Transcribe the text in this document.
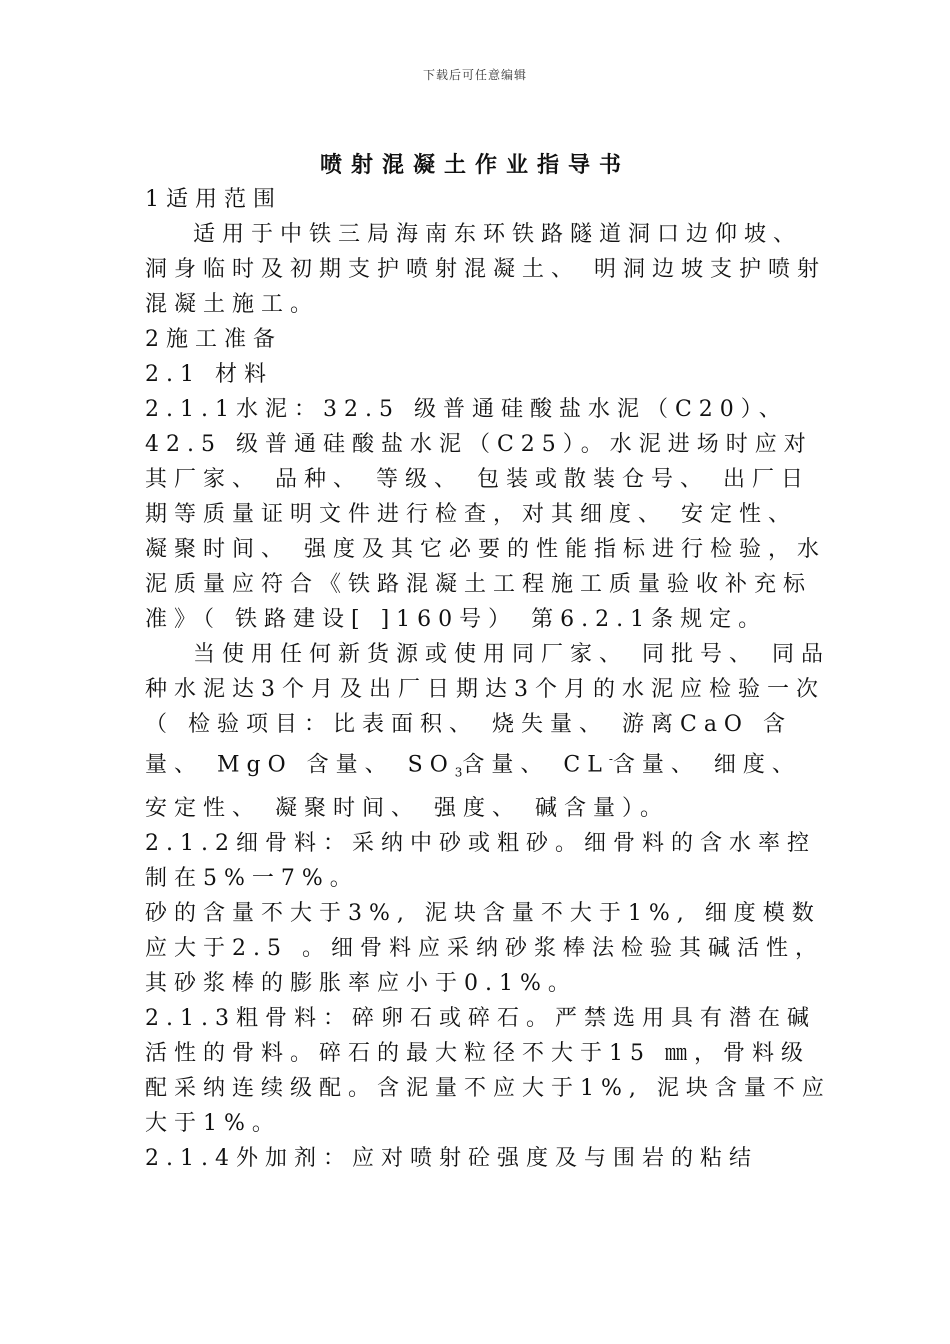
下载后可任意编辑
喷射混凝土作业指导书

1适用范围

适用于中铁三局海南东环铁路隧道洞口边仰坡、 洞身临时及初期支护喷射混凝土、 明洞边坡支护喷射混凝土施工。

2施工准备

2.1 材料

2.1.1水泥：32.5 级普通硅酸盐水泥（C20）、 42.5 级普通硅酸盐水泥（C25）。水泥进场时应对其厂家、 品种、 等级、 包装或散装仓号、 出厂日期等质量证明文件进行检查，对其细度、 安定性、 凝聚时间、 强度及其它必要的性能指标进行检验，水泥质量应符合《铁路混凝土工程施工质量验收补充标准》（ 铁路建设[ ]160号） 第6.2.1条规定。

当使用任何新货源或使用同厂家、 同批号、 同品种水泥达3个月及出厂日期达3个月的水泥应检验一次（ 检验项目：比表面积、 烧失量、 游离CaO 含量、 MgO 含量、 $SO_3$含量、 CL-含量、 细度、 安定性、 凝聚时间、 强度、 碱含量）。

2.1.2细骨料：采纳中砂或粗砂。细骨料的含水率控制在5%一7%。

砂的含量不大于3%, 泥块含量不大于1%, 细度模数应大于2.5 。细骨料应采纳砂浆棒法检验其碱活性，其砂浆棒的膨胀率应小于0.1%。

2.1.3粗骨料：碎卵石或碎石。严禁选用具有潜在碱活性的骨料。碎石的最大粒径不大于15 ㎜，骨料级配采纳连续级配。含泥量不应大于1%, 泥块含量不应大于1%。

2.1.4外加剂：应对喷射砼强度及与围岩的粘结
